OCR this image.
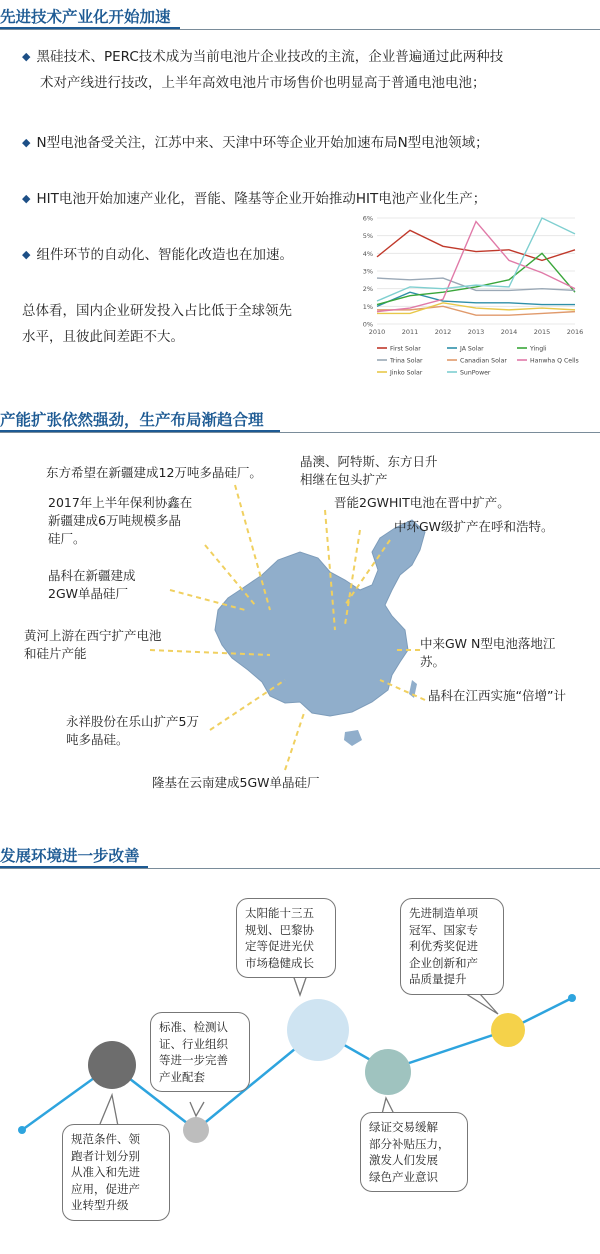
先进技术产业化开始加速
◆ 黑硅技术、PERC技术成为当前电池片企业技改的主流，企业普遍通过此两种技
术对产线进行技改，上半年高效电池片市场售价也明显高于普通电池电池；
◆ N型电池备受关注，江苏中来、天津中环等企业开始加速布局N型电池领域；
◆ HIT电池开始加速产业化，晋能、隆基等企业开始推动HIT电池产业化生产；
◆ 组件环节的自动化、智能化改造也在加速。
总体看，国内企业研发投入占比低于全球领先
水平，且彼此间差距不大。
0%
1%
2%
3%
4%
5%
6%
2010	2011	2012	2013	2014	2015	2016
First Solar	JA Solar	Yingli
Trina Solar	Canadian Solar	Hanwha Q Cells
Jinko Solar	SunPower
产能扩张依然强劲，生产布局渐趋合理
东方希望在新疆建成12万吨多晶硅厂。
2017年上半年保利协鑫在
新疆建成6万吨规模多晶
硅厂。
晶科在新疆建成
2GW单晶硅厂
黄河上游在西宁扩产电池
和硅片产能
永祥股份在乐山扩产5万
吨多晶硅。
隆基在云南建成5GW单晶硅厂
晶澳、阿特斯、东方日升
相继在包头扩产
晋能2GWHIT电池在晋中扩产。
中环GW级扩产在呼和浩特。
中来GW N型电池落地江
苏。
晶科在江西实施“倍增”计
发展环境进一步改善
规范条件、领
跑者计划分别
从准入和先进
应用，促进产
业转型升级
标准、检测认
证、行业组织
等进一步完善
产业配套
太阳能十三五
规划、巴黎协
定等促进光伏
市场稳健成长
绿证交易缓解
部分补贴压力，
激发人们发展
绿色产业意识
先进制造单项
冠军、国家专
利优秀奖促进
企业创新和产
品质量提升
